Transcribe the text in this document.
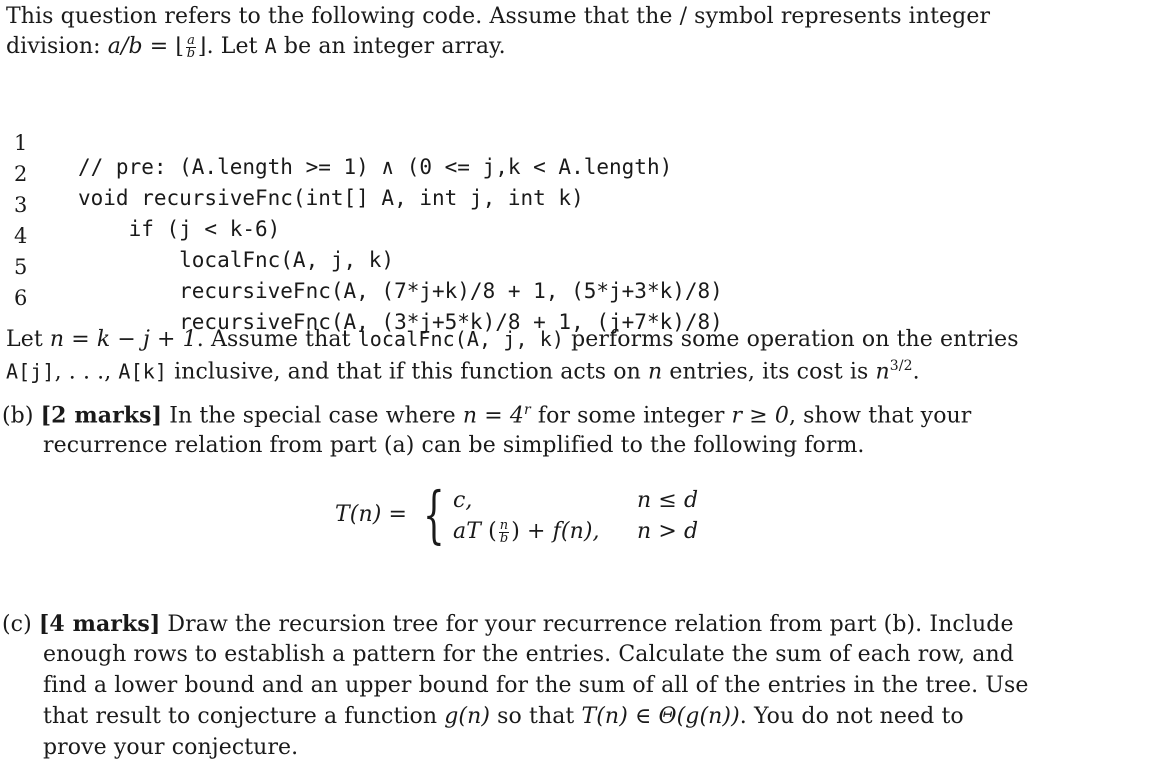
This question refers to the following code. Assume that the / symbol represents integer
division: a/b = ⌊ $\frac{a}{b}$ ⌋. Let A be an integer array.

1

// pre: (A.length >= 1) ∧ (0 <= j,k < A.length)

2

void recursiveFnc(int[] A, int j, int k)

3

if (j < k-6)

4

localFnc(A, j, k)

5

recursiveFnc(A, (7*j+k)/8 + 1, (5*j+3*k)/8)

6

recursiveFnc(A, (3*j+5*k)/8 + 1, (j+7*k)/8)

Let n = k − j + 1. Assume that localFnc(A, j, k) performs some operation on the entries
A[j], . . ., A[k] inclusive, and that if this function acts on n entries, its cost is $n^{3/2}$.
(b) [2 marks] In the special case where $n = 4^r$ for some integer r ≥ 0, show that your
recurrence relation from part (a) can be simplified to the following form.
T(n) = { c,	n ≤ d
aT ( $\frac{n}{b}$ ) + f(n), n > d
(c) [4 marks] Draw the recursion tree for your recurrence relation from part (b). Include
enough rows to establish a pattern for the entries. Calculate the sum of each row, and
find a lower bound and an upper bound for the sum of all of the entries in the tree. Use
that result to conjecture a function g(n) so that T(n) ∈ Θ(g(n)). You do not need to
prove your conjecture.
